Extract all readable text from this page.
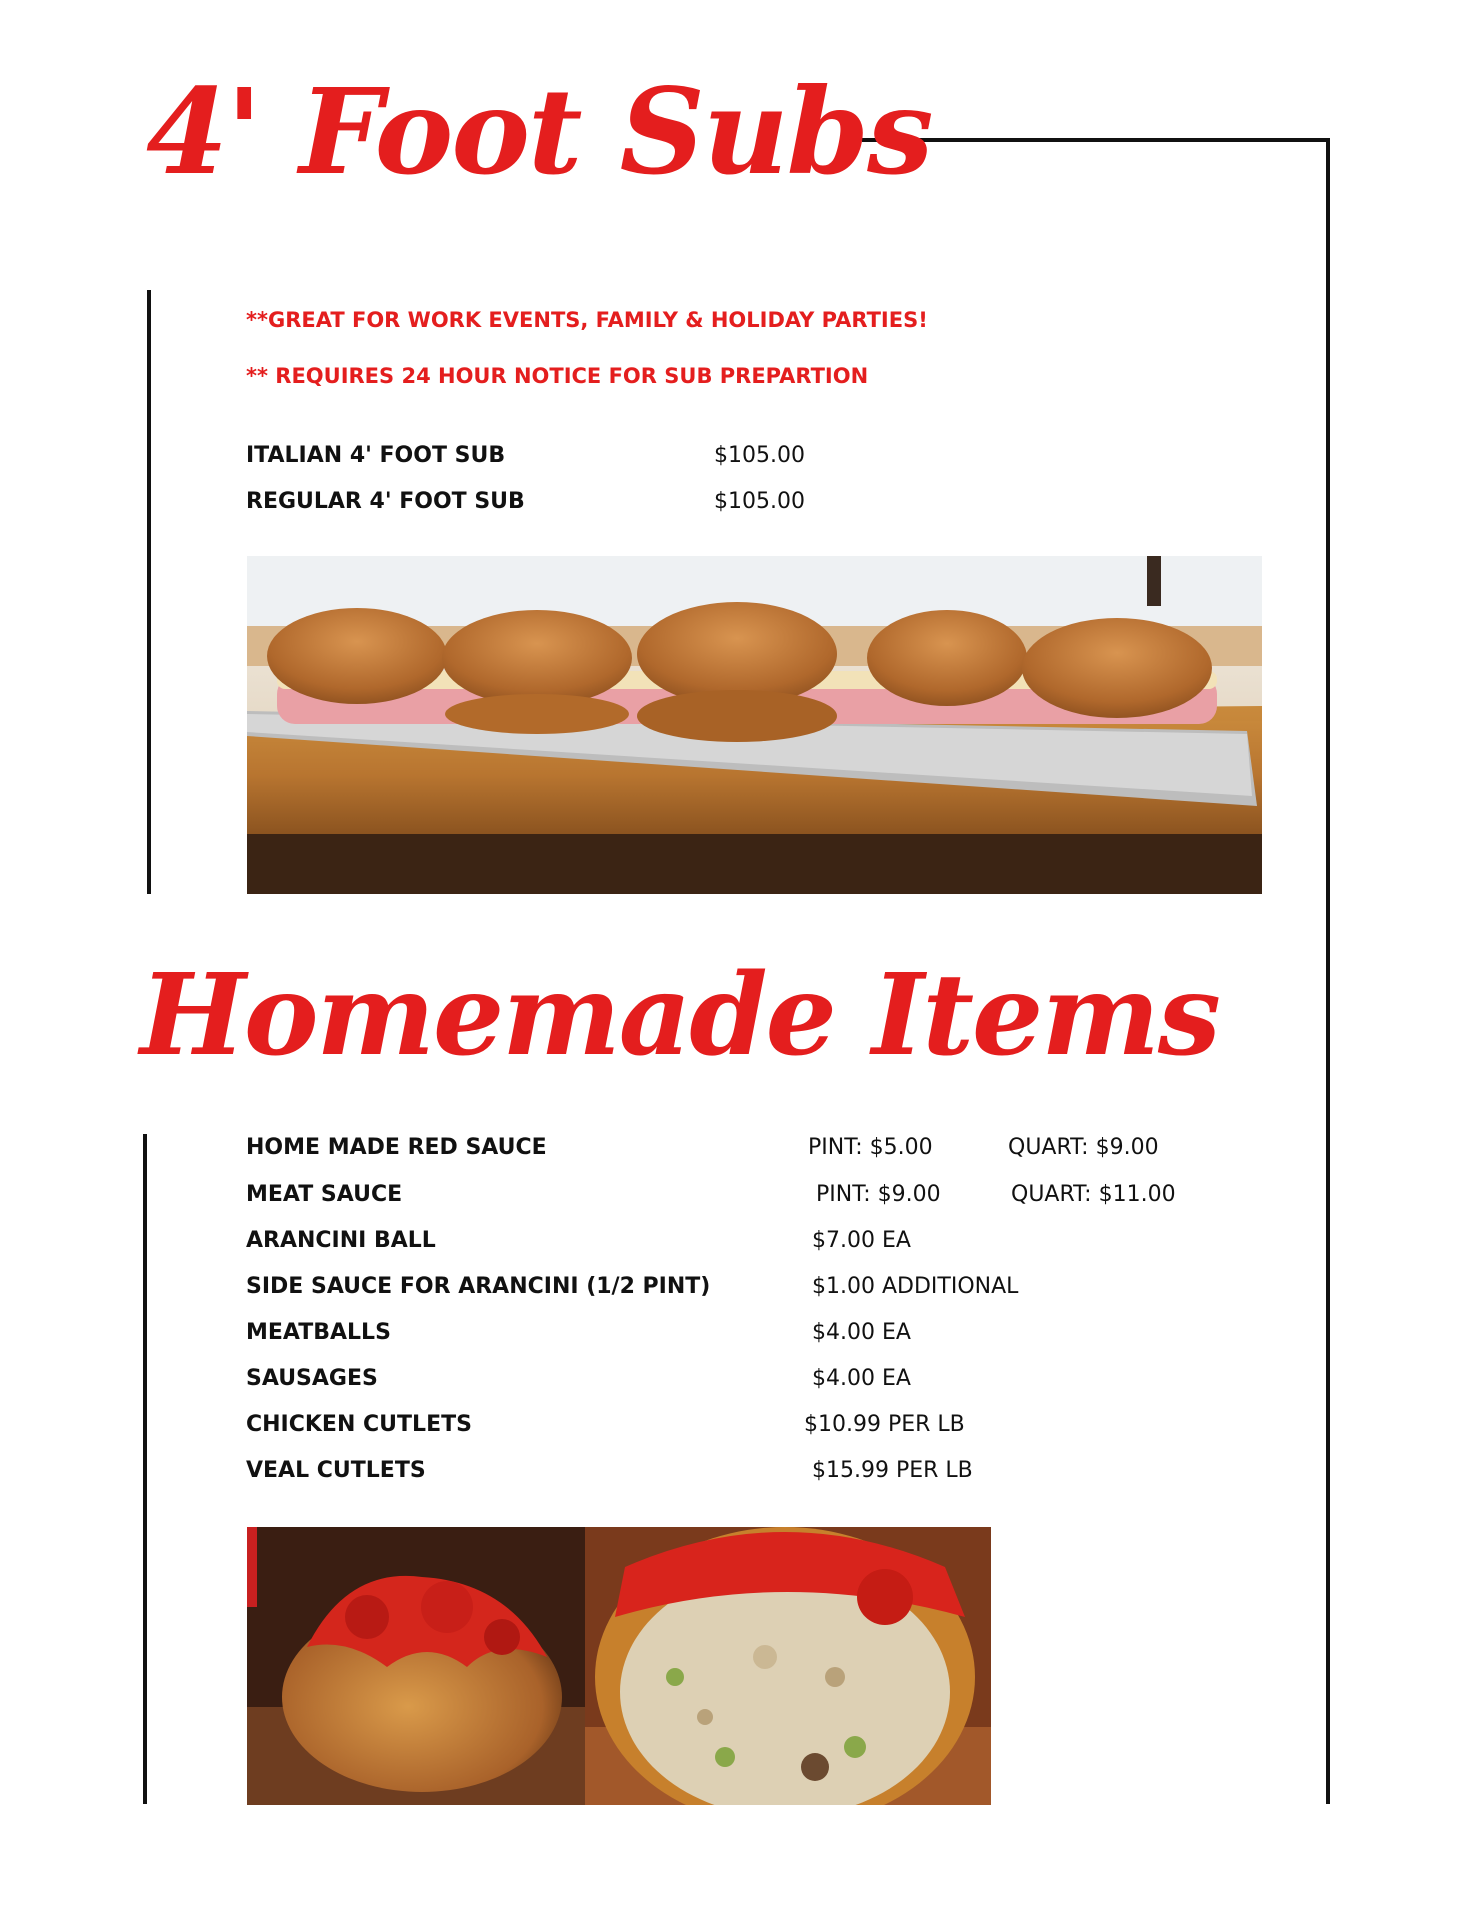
4' Foot Subs
**GREAT FOR WORK EVENTS, FAMILY & HOLIDAY PARTIES!
** REQUIRES 24 HOUR NOTICE FOR SUB PREPARTION
ITALIAN 4' FOOT SUB	$105.00
REGULAR 4' FOOT SUB	$105.00
Homemade Items
HOME MADE RED SAUCE	PINT: $5.00	QUART: $9.00
MEAT SAUCE	PINT: $9.00	QUART: $11.00
ARANCINI BALL	$7.00 EA
SIDE SAUCE FOR ARANCINI (1/2 PINT)	$1.00 ADDITIONAL
MEATBALLS	$4.00 EA
SAUSAGES	$4.00 EA
CHICKEN CUTLETS	$10.99 PER LB
VEAL CUTLETS	$15.99 PER LB
